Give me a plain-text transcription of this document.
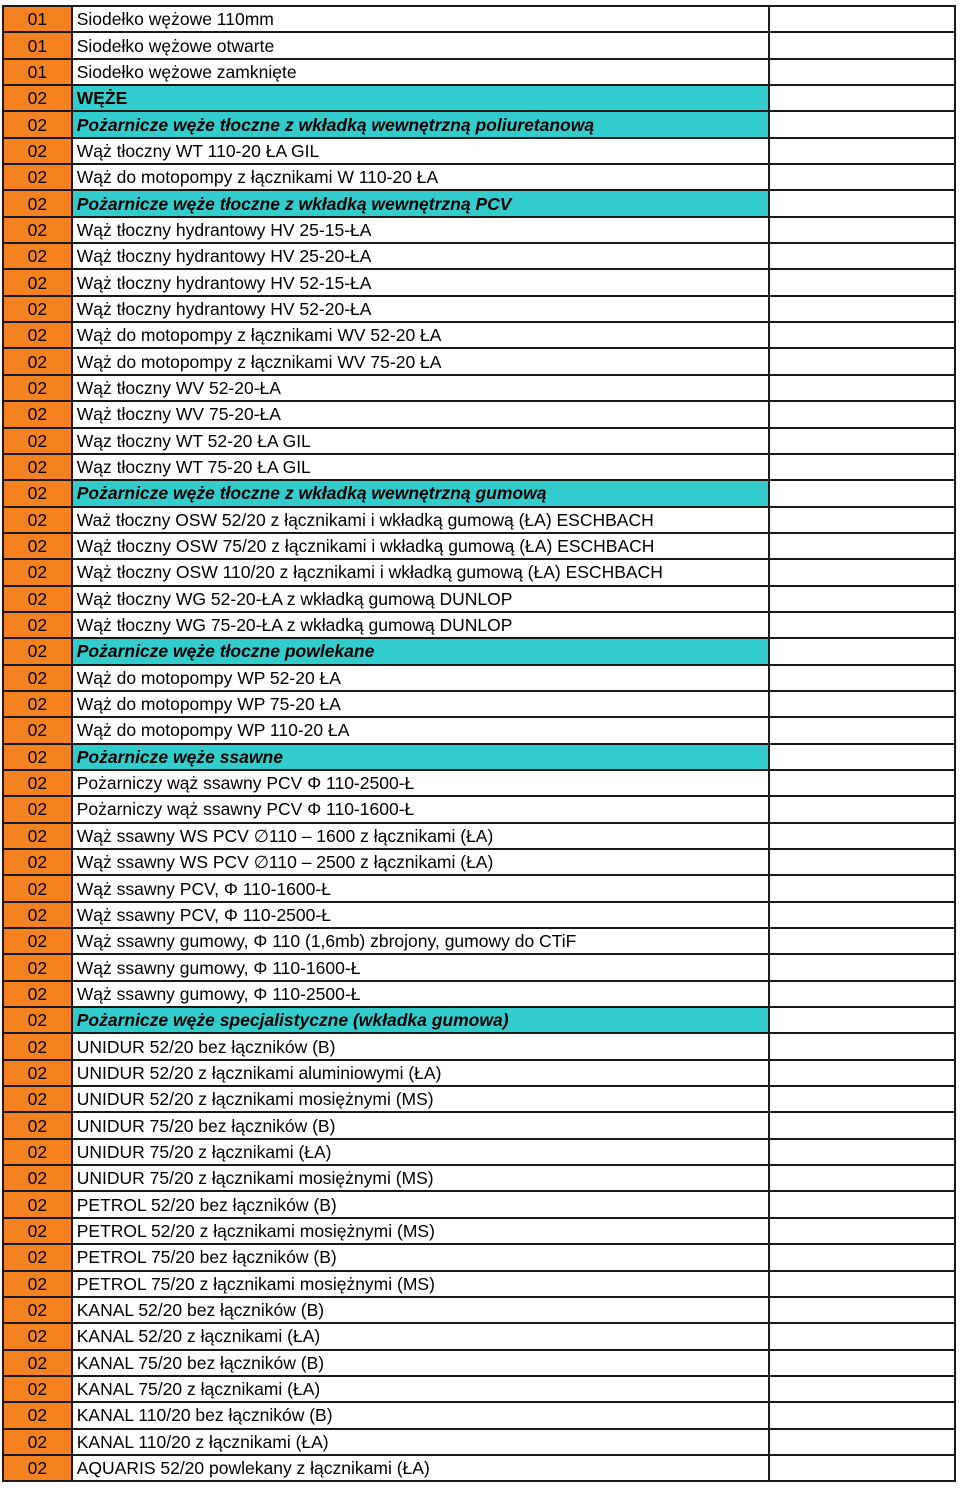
01	Siodełko wężowe 110mm	
01	Siodełko wężowe otwarte	
01	Siodełko wężowe zamknięte	
02	WĘŻE	
02	Pożarnicze węże tłoczne z wkładką wewnętrzną poliuretanową	
02	Wąż tłoczny WT 110-20 ŁA GIL	
02	Wąż do motopompy z łącznikami W 110-20 ŁA	
02	Pożarnicze węże tłoczne z wkładką wewnętrzną PCV	
02	Wąż tłoczny hydrantowy HV 25-15-ŁA	
02	Wąż tłoczny hydrantowy HV 25-20-ŁA	
02	Wąż tłoczny hydrantowy HV 52-15-ŁA	
02	Wąż tłoczny hydrantowy HV 52-20-ŁA	
02	Wąż do motopompy z łącznikami WV 52-20 ŁA	
02	Wąż do motopompy z łącznikami WV 75-20 ŁA	
02	Wąż tłoczny WV 52-20-ŁA	
02	Wąż tłoczny WV 75-20-ŁA	
02	Wąz tłoczny WT 52-20 ŁA GIL	
02	Wąz tłoczny WT 75-20 ŁA GIL	
02	Pożarnicze węże tłoczne z wkładką wewnętrzną gumową	
02	Waż tłoczny OSW 52/20 z łącznikami i wkładką gumową (ŁA) ESCHBACH	
02	Wąż tłoczny OSW 75/20 z łącznikami i wkładką gumową (ŁA) ESCHBACH	
02	Wąż tłoczny OSW 110/20 z łącznikami i wkładką gumową (ŁA) ESCHBACH	
02	Wąż tłoczny WG 52-20-ŁA z wkładką gumową DUNLOP	
02	Wąż tłoczny WG 75-20-ŁA z wkładką gumową DUNLOP	
02	Pożarnicze węże tłoczne powlekane	
02	Wąż do motopompy WP 52-20 ŁA	
02	Wąż do motopompy WP 75-20 ŁA	
02	Wąż do motopompy WP 110-20 ŁA	
02	Pożarnicze węże ssawne	
02	Pożarniczy wąż ssawny PCV Φ 110-2500-Ł	
02	Pożarniczy wąż ssawny PCV Φ 110-1600-Ł	
02	Wąż ssawny WS PCV ∅110 – 1600 z łącznikami (ŁA)	
02	Wąż ssawny WS PCV ∅110 – 2500 z łącznikami (ŁA)	
02	Wąż ssawny PCV, Φ 110-1600-Ł	
02	Wąż ssawny PCV, Φ 110-2500-Ł	
02	Wąż ssawny gumowy, Φ 110 (1,6mb) zbrojony, gumowy do CTiF	
02	Wąż ssawny gumowy, Φ 110-1600-Ł	
02	Wąż ssawny gumowy, Φ 110-2500-Ł	
02	Pożarnicze węże specjalistyczne (wkładka gumowa)	
02	UNIDUR 52/20 bez łączników (B)	
02	UNIDUR 52/20 z łącznikami aluminiowymi (ŁA)	
02	UNIDUR 52/20 z łącznikami mosiężnymi (MS)	
02	UNIDUR 75/20 bez łączników (B)	
02	UNIDUR 75/20 z łącznikami (ŁA)	
02	UNIDUR 75/20 z łącznikami mosiężnymi (MS)	
02	PETROL 52/20 bez łączników (B)	
02	PETROL 52/20 z łącznikami mosiężnymi (MS)	
02	PETROL 75/20 bez łączników (B)	
02	PETROL 75/20 z łącznikami mosiężnymi (MS)	
02	KANAL 52/20 bez łączników (B)	
02	KANAL 52/20 z łącznikami (ŁA)	
02	KANAL 75/20 bez łączników (B)	
02	KANAL 75/20 z łącznikami (ŁA)	
02	KANAL 110/20 bez łączników (B)	
02	KANAL 110/20 z łącznikami (ŁA)	
02	AQUARIS 52/20 powlekany z łącznikami (ŁA)	
